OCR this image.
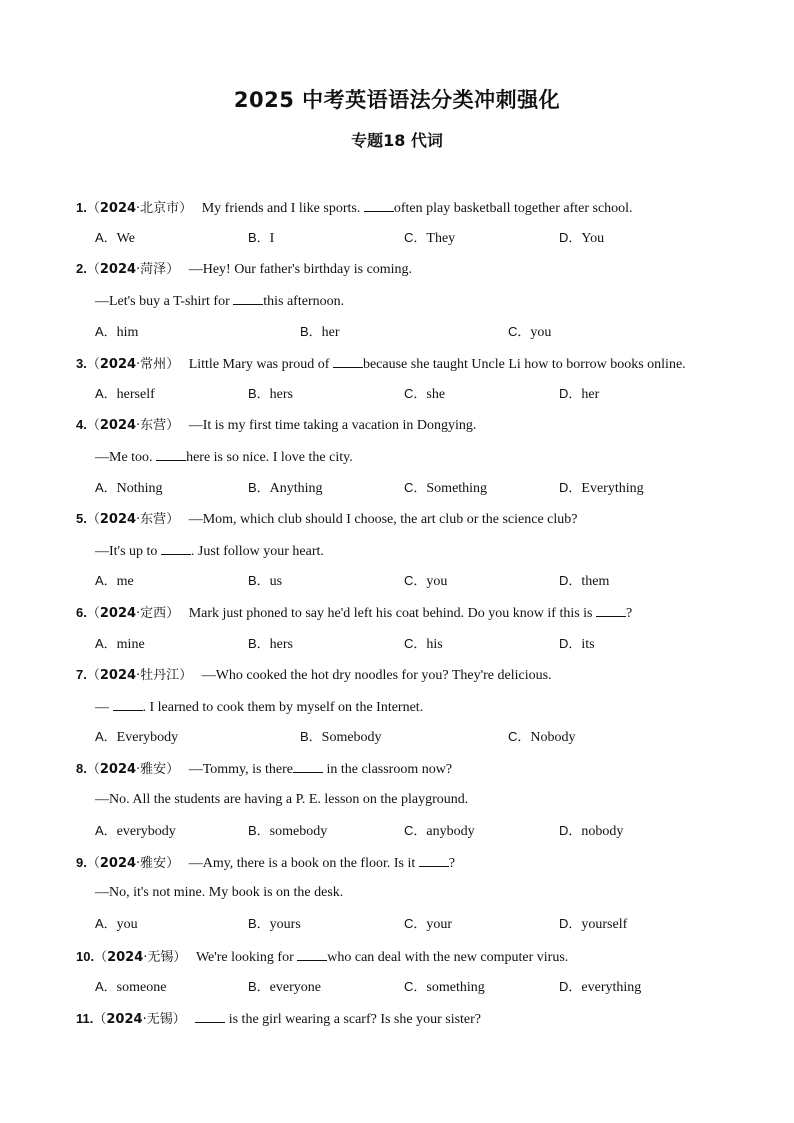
2025 中考英语语法分类冲刺强化
专题18 代词
1.（2024·北京市） My friends and I like sports. often play basketball together after school.
A．We	B．I	C．They	D．You
2.（2024·菏泽） —Hey! Our father's birthday is coming.
—Let's buy a T-shirt for this afternoon.
A．him	B．her	C．you
3.（2024·常州） Little Mary was proud of because she taught Uncle Li how to borrow books online.
A．herself	B．hers	C．she	D．her
4.（2024·东营） —It is my first time taking a vacation in Dongying.
—Me too. here is so nice. I love the city.
A．Nothing	B．Anything	C．Something	D．Everything
5.（2024·东营） —Mom, which club should I choose, the art club or the science club?
—It's up to . Just follow your heart.
A．me	B．us	C．you	D．them
6.（2024·定西） Mark just phoned to say he'd left his coat behind. Do you know if this is ?
A．mine	B．hers	C．his	D．its
7.（2024·牡丹江） —Who cooked the hot dry noodles for you? They're delicious.
— . I learned to cook them by myself on the Internet.
A．Everybody	B．Somebody	C．Nobody
8.（2024·雅安） —Tommy, is there in the classroom now?
—No. All the students are having a P. E. lesson on the playground.
A．everybody	B．somebody	C．anybody	D．nobody
9.（2024·雅安） —Amy, there is a book on the floor. Is it ?
—No, it's not mine. My book is on the desk.
A．you	B．yours	C．your	D．yourself
10.（2024·无锡） We're looking for who can deal with the new computer virus.
A．someone	B．everyone	C．something	D．everything
11.（2024·无锡）	is the girl wearing a scarf? Is she your sister?
